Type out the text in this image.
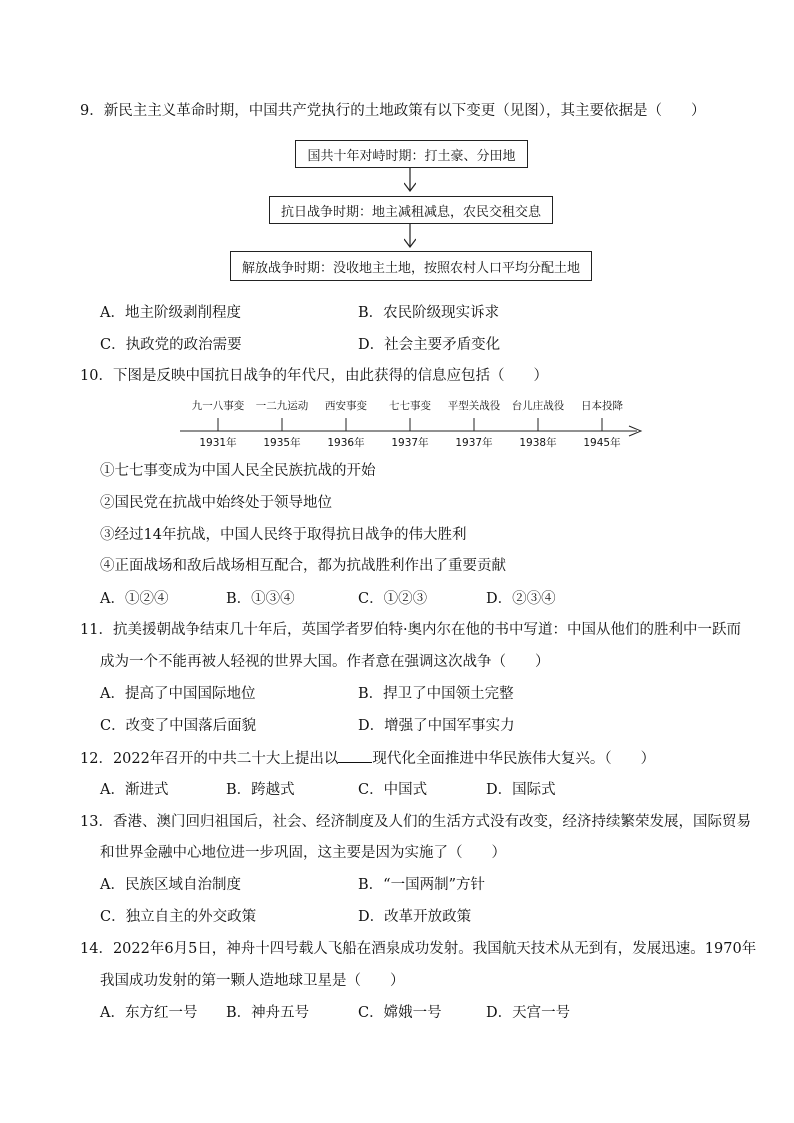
9．新民主主义革命时期，中国共产党执行的土地政策有以下变更（见图），其主要依据是（　　）
国共十年对峙时期：打土豪、分田地
抗日战争时期：地主减租减息，农民交租交息
解放战争时期：没收地主土地，按照农村人口平均分配土地
A．地主阶级剥削程度	B．农民阶级现实诉求
C．执政党的政治需要	D．社会主要矛盾变化
10．下图是反映中国抗日战争的年代尺，由此获得的信息应包括（　　）
九一八事变
1931年
一二九运动
1935年
西安事变
1936年
七七事变
1937年
平型关战役
1937年
台儿庄战役
1938年
日本投降
1945年
①七七事变成为中国人民全民族抗战的开始
②国民党在抗战中始终处于领导地位
③经过14年抗战，中国人民终于取得抗日战争的伟大胜利
④正面战场和敌后战场相互配合，都为抗战胜利作出了重要贡献
A．①②④	B．①③④	C．①②③	D．②③④
11．抗美援朝战争结束几十年后，英国学者罗伯特·奥内尔在他的书中写道：中国从他们的胜利中一跃而
成为一个不能再被人轻视的世界大国。作者意在强调这次战争（　　）
A．提高了中国国际地位	B．捍卫了中国领土完整
C．改变了中国落后面貌	D．增强了中国军事实力
12．2022年召开的中共二十大上提出以 现代化全面推进中华民族伟大复兴。（　　）
A．渐进式	B．跨越式	C．中国式	D．国际式
13．香港、澳门回归祖国后，社会、经济制度及人们的生活方式没有改变，经济持续繁荣发展，国际贸易
和世界金融中心地位进一步巩固，这主要是因为实施了（　　）
A．民族区域自治制度	B．“一国两制”方针
C．独立自主的外交政策	D．改革开放政策
14．2022年6月5日，神舟十四号载人飞船在酒泉成功发射。我国航天技术从无到有，发展迅速。1970年
我国成功发射的第一颗人造地球卫星是（　　）
A．东方红一号 B．神舟五号	C．嫦娥一号	D．天宫一号
